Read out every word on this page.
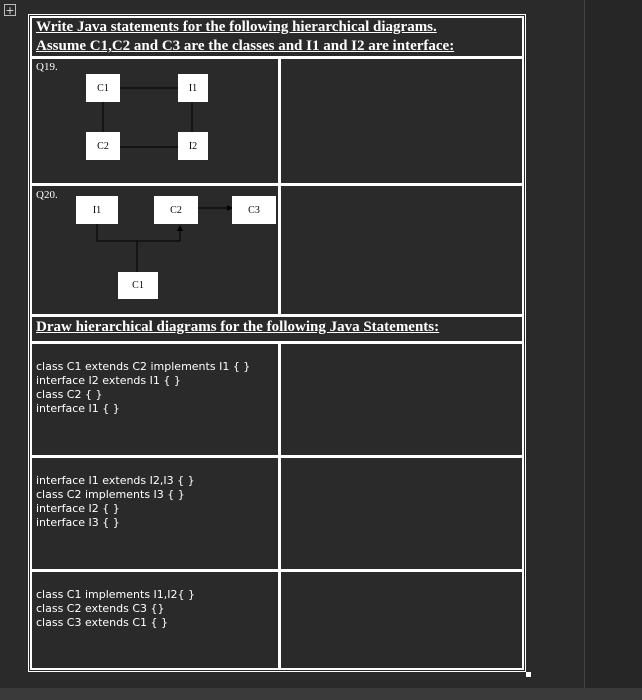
+
Write Java statements for the following hierarchical diagrams.
Assume C1,C2 and C3 are the classes and I1 and I2 are interface:
Q19.
C1	I1
C2	I2
Q20.
I1	C2	C3
C1
Draw hierarchical diagrams for the following Java Statements:
class C1 extends C2 implements I1 { }
interface I2 extends I1 { }
class C2 { }
interface I1 { }
interface I1 extends I2,I3 { }
class C2 implements I3 { }
interface I2 { }
interface I3 { }
class C1 implements I1,I2{ }
class C2 extends C3 {}
class C3 extends C1 { }
